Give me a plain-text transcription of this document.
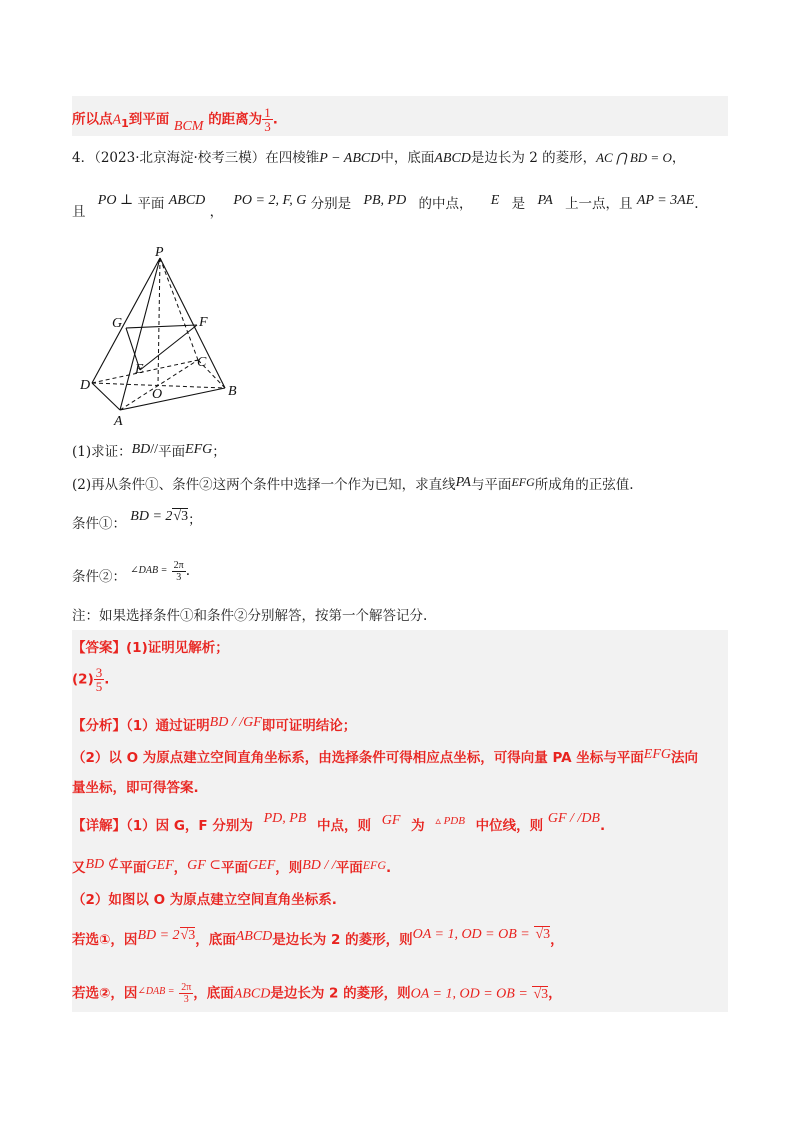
所以点$A_1$到平面 BCM 的距离为 $\frac{1}{3}$ .
4．（2023·北京海淀·校考三模）在四棱锥P − ABCD中，底面ABCD是边长为 2 的菱形，AC ⋂ BD = O，
且 PO ⊥ 平面 ABCD ， PO = 2, F, G 分别是 PB, PD 的中点， E 是 PA 上一点，且 AP = 3AE.
P
G	F
C
E
D
O	B
A
(1)求证：BD//平面EFG；
(2)再从条件①、条件②这两个条件中选择一个作为已知，求直线PA与平面EFG所成角的正弦值.
条件①： BD = 2√3；
条件②： ∠DAB = $\frac{2\pi}{3}$ .
注：如果选择条件①和条件②分别解答，按第一个解答记分.
【答案】(1)证明见解析；
$(2) \frac{3}{5}$ .
【分析】（1）通过证明BD / /GF即可证明结论；
（2）以 O 为原点建立空间直角坐标系，由选择条件可得相应点坐标，可得向量 PA 坐标与平面EFG法向
量坐标，即可得答案.
【详解】（1）因 G，F 分别为 PD, PB 中点，则 GF 为 $^{▵ PDB}$ 中位线，则 GF / /DB.
又BD ⊄平面GEF，GF ⊂平面GEF，则BD / /平面EFG.
（2）如图以 O 为原点建立空间直角坐标系.
若选①，因BD = 2√3，底面ABCD是边长为 2 的菱形，则OA = 1, OD = OB = √3，
若选②，因$^{\angle DAB =} \frac{2\pi}{3}$ ，底面ABCD是边长为 2 的菱形，则OA = 1, OD = OB = √3，
